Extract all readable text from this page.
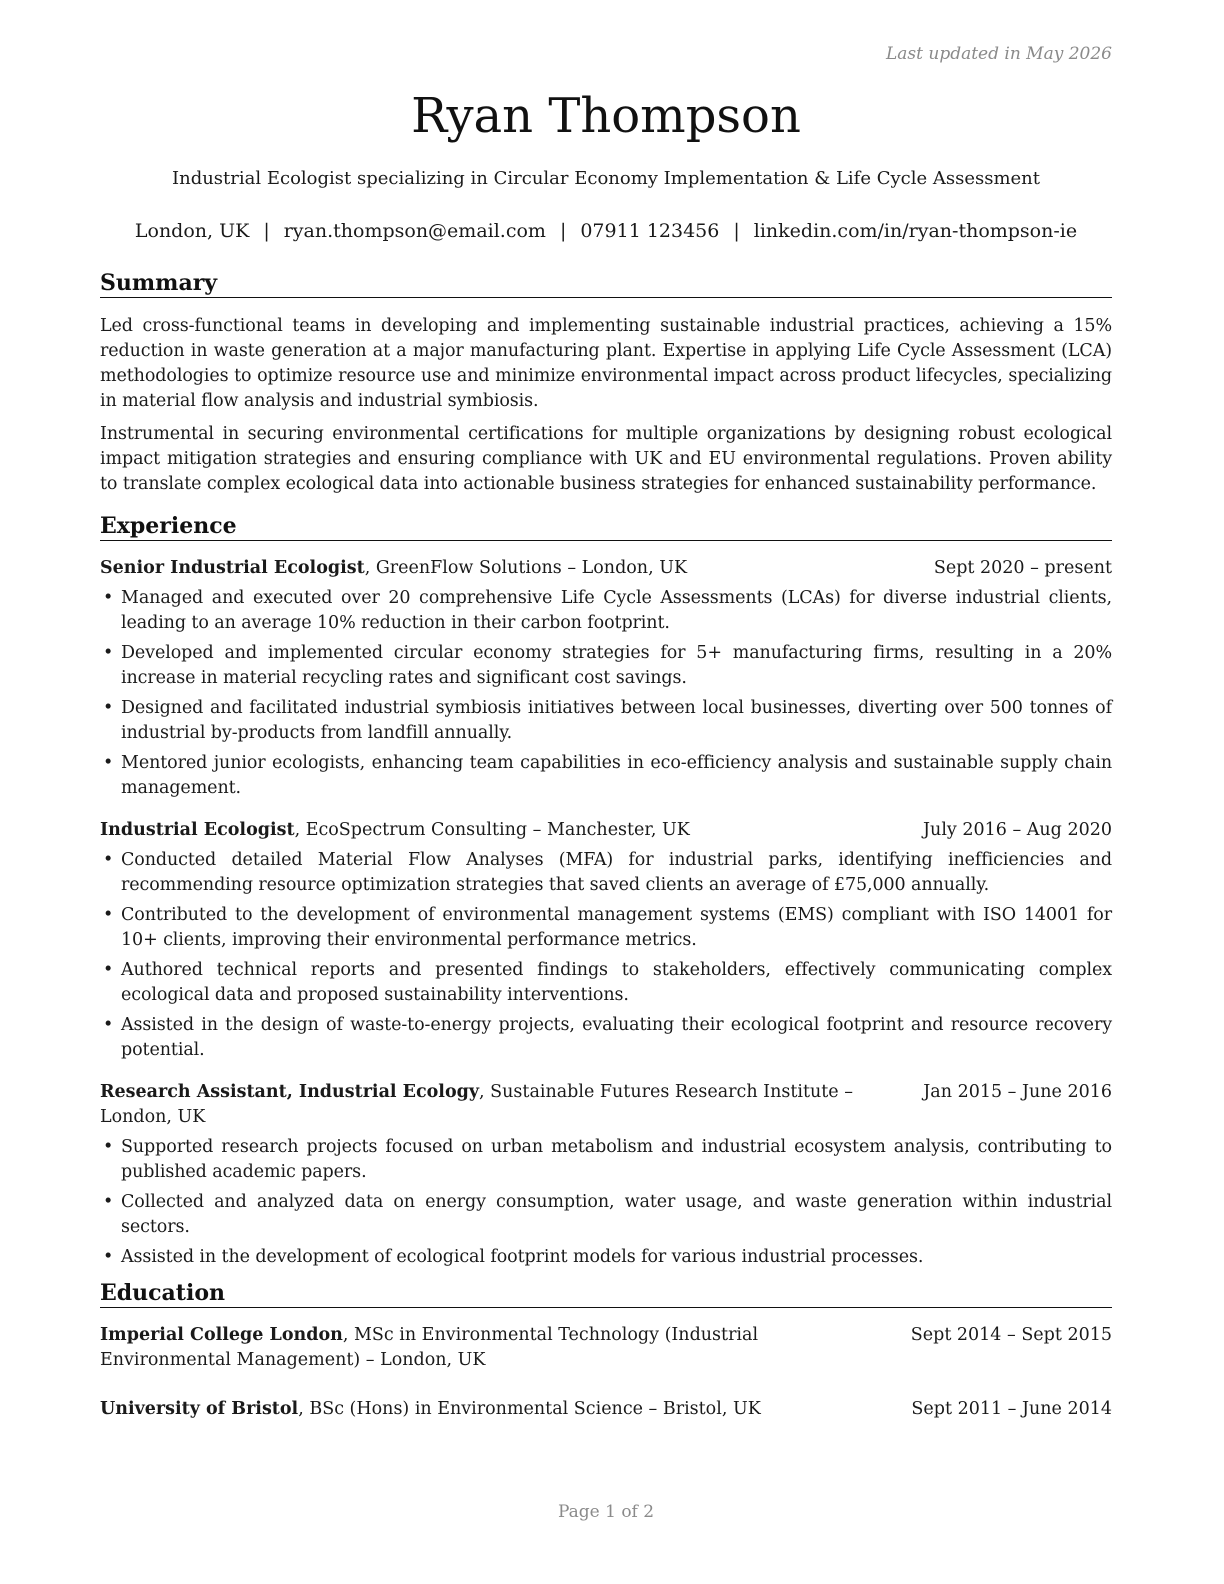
Last updated in May 2026
Ryan Thompson
Industrial Ecologist specializing in Circular Economy Implementation & Life Cycle Assessment
London, UK | ryan.thompson@email.com | 07911 123456 | linkedin.com/in/ryan-thompson-ie
Summary

Led cross-functional teams in developing and implementing sustainable industrial practices, achieving a 15% reduction in waste generation at a major manufacturing plant. Expertise in applying Life Cycle Assessment (LCA) methodologies to optimize resource use and minimize environmental impact across product lifecycles, specializing in material flow analysis and industrial symbiosis.

Instrumental in securing environmental certifications for multiple organizations by designing robust ecological impact mitigation strategies and ensuring compliance with UK and EU environmental regulations. Proven ability to translate complex ecological data into actionable business strategies for enhanced sustainability performance.

Experience
Senior Industrial Ecologist, GreenFlow Solutions – London, UK	Sept 2020 – present
• Managed and executed over 20 comprehensive Life Cycle Assessments (LCAs) for diverse industrial clients, leading to an average 10% reduction in their carbon footprint.
• Developed and implemented circular economy strategies for 5+ manufacturing firms, resulting in a 20% increase in material recycling rates and significant cost savings.
• Designed and facilitated industrial symbiosis initiatives between local businesses, diverting over 500 tonnes of industrial by-products from landfill annually.
• Mentored junior ecologists, enhancing team capabilities in eco-efficiency analysis and sustainable supply chain management.
Industrial Ecologist, EcoSpectrum Consulting – Manchester, UK	July 2016 – Aug 2020
• Conducted detailed Material Flow Analyses (MFA) for industrial parks, identifying inefficiencies and recommending resource optimization strategies that saved clients an average of £75,000 annually.
• Contributed to the development of environmental management systems (EMS) compliant with ISO 14001 for 10+ clients, improving their environmental performance metrics.
• Authored technical reports and presented findings to stakeholders, effectively communicating complex ecological data and proposed sustainability interventions.
• Assisted in the design of waste-to-energy projects, evaluating their ecological footprint and resource recovery potential.
Research Assistant, Industrial Ecology, Sustainable Futures Research Institute – London, UK
Jan 2015 – June 2016
• Supported research projects focused on urban metabolism and industrial ecosystem analysis, contributing to published academic papers.
• Collected and analyzed data on energy consumption, water usage, and waste generation within industrial sectors.
• Assisted in the development of ecological footprint models for various industrial processes.
Education
Imperial College London, MSc in Environmental Technology (Industrial Environmental Management) – London, UK
Sept 2014 – Sept 2015
University of Bristol, BSc (Hons) in Environmental Science – Bristol, UK	Sept 2011 – June 2014
Page 1 of 2
